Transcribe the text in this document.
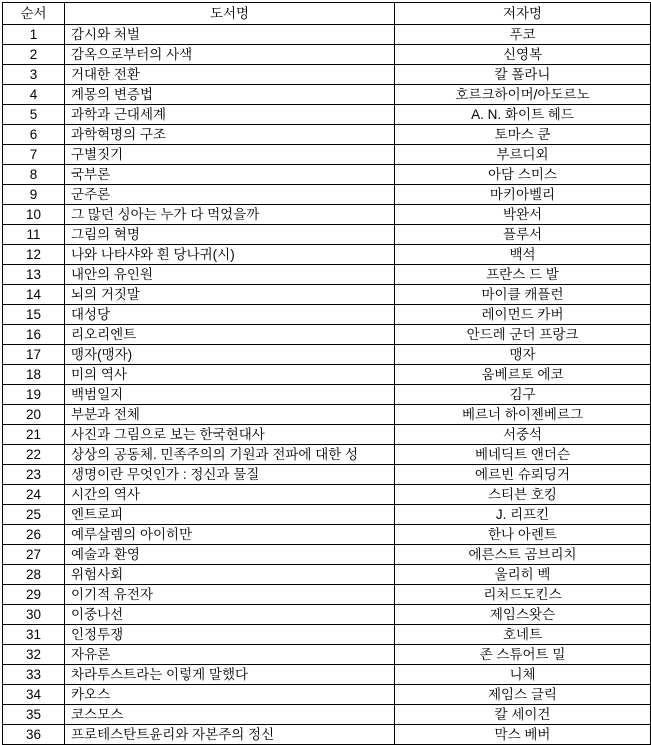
순서	도서명	저자명
1	감시와 처벌	푸코
2	감옥으로부터의 사색	신영복
3	거대한 전환	칼 폴라니
4	계몽의 변증법	호르크하이머/아도르노
5	과학과 근대세계	A. N. 화이트 헤드
6	과학혁명의 구조	토마스 쿤
7	구별짓기	부르디외
8	국부론	아담 스미스
9	군주론	마키아벨리
10	그 많던 싱아는 누가 다 먹었을까	박완서
11	그림의 혁명	플루서
12	나와 나타샤와 흰 당나귀(시)	백석
13	내안의 유인원	프란스 드 발
14	뇌의 거짓말	마이클 캐플런
15	대성당	레이먼드 카버
16	리오리엔트	안드레 군더 프랑크
17	맹자(맹자)	맹자
18	미의 역사	움베르토 에코
19	백범일지	김구
20	부분과 전체	베르너 하이젠베르그
21	사진과 그림으로 보는 한국현대사	서중석
22	상상의 공동체. 민족주의의 기원과 전파에 대한 성	베네딕트 앤더슨
23	생명이란 무엇인가 : 정신과 물질	에르빈 슈뢰딩거
24	시간의 역사	스티븐 호킹
25	엔트로피	J. 리프킨
26	예루살렘의 아이히만	한나 아렌트
27	예술과 환영	에른스트 곰브리치
28	위험사회	울리히 벡
29	이기적 유전자	리처드도킨스
30	이중나선	제임스왓슨
31	인정투쟁	호네트
32	자유론	존 스튜어트 밀
33	차라투스트라는 이렇게 말했다	니체
34	카오스	제임스 글릭
35	코스모스	칼 세이건
36	프로테스탄트윤리와 자본주의 정신	막스 베버
